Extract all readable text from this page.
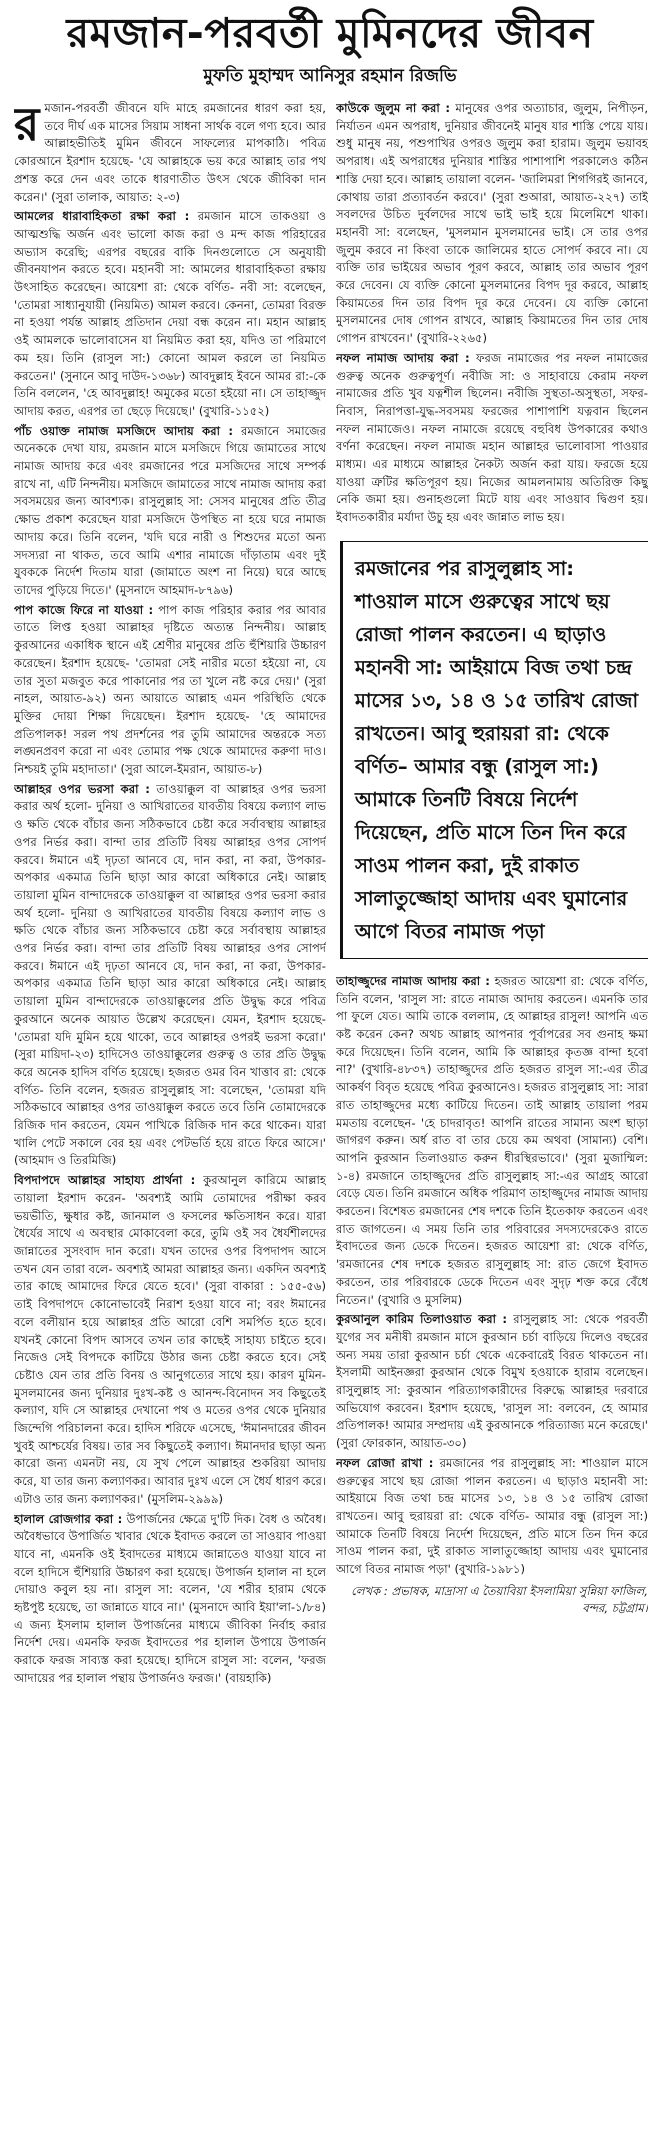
রমজান-পরবর্তী মুমিনদের জীবন
মুফতি মুহাম্মদ আনিসুর রহমান রিজভি

রমজান-পরবর্তী জীবনে যদি মাহে রমজানের ধারণ করা হয়, তবে দীর্ঘ এক মাসের সিয়াম সাধনা সার্থক বলে গণ্য হবে। আর আল্লাহভীতিই মুমিন জীবনে সাফল্যের মাপকাঠি। পবিত্র কোরআনে ইরশাদ হয়েছে- 'যে আল্লাহকে ভয় করে আল্লাহ তার পথ প্রশস্ত করে দেন এবং তাকে ধারণাতীত উৎস থেকে জীবিকা দান করেন।' (সুরা তালাক, আয়াত: ২-৩)

আমলের ধারাবাহিকতা রক্ষা করা : রমজান মাসে তাকওয়া ও আত্মশুদ্ধি অর্জন এবং ভালো কাজ করা ও মন্দ কাজ পরিহারের অভ্যাস করেছি; এরপর বছরের বাকি দিনগুলোতে সে অনুযায়ী জীবনযাপন করতে হবে। মহানবী সা: আমলের ধারাবাহিকতা রক্ষায় উৎসাহিত করেছেন। আয়েশা রা: থেকে বর্ণিত- নবী সা: বলেছেন, 'তোমরা সাধ্যানুযায়ী (নিয়মিত) আমল করবে। কেননা, তোমরা বিরক্ত না হওয়া পর্যন্ত আল্লাহ প্রতিদান দেয়া বন্ধ করেন না। মহান আল্লাহ ওই আমলকে ভালোবাসেন যা নিয়মিত করা হয়, যদিও তা পরিমাণে কম হয়। তিনি (রাসুল সা:) কোনো আমল করলে তা নিয়মিত করতেন।' (সুনানে আবু দাউদ-১৩৬৮) আবদুল্লাহ ইবনে আমর রা:-কে তিনি বললেন, 'হে আবদুল্লাহ! অমুকের মতো হইয়ো না। সে তাহাজ্জুদ আদায় করত, এরপর তা ছেড়ে দিয়েছে।' (বুখারি-১১৫২)

পাঁচ ওয়াক্ত নামাজ মসজিদে আদায় করা : রমজানে সমাজের অনেককে দেখা যায়, রমজান মাসে মসজিদে গিয়ে জামাতের সাথে নামাজ আদায় করে এবং রমজানের পরে মসজিদের সাথে সম্পর্ক রাখে না, এটি নিন্দনীয়। মসজিদে জামাতের সাথে নামাজ আদায় করা সবসময়ের জন্য আবশ্যক। রাসুলুল্লাহ সা: সেসব মানুষের প্রতি তীব্র ক্ষোভ প্রকাশ করেছেন যারা মসজিদে উপস্থিত না হয়ে ঘরে নামাজ আদায় করে। তিনি বলেন, 'যদি ঘরে নারী ও শিশুদের মতো অন্য সদস্যরা না থাকত, তবে আমি এশার নামাজে দাঁড়াতাম এবং দুই যুবককে নির্দেশ দিতাম যারা (জামাতে অংশ না নিয়ে) ঘরে আছে তাদের পুড়িয়ে দিতে।' (মুসনাদে আহমাদ-৮৭৯৬)

পাপ কাজে ফিরে না যাওয়া : পাপ কাজ পরিহার করার পর আবার তাতে লিপ্ত হওয়া আল্লাহর দৃষ্টিতে অত্যন্ত নিন্দনীয়। আল্লাহ কুরআনের একাধিক স্থানে এই শ্রেণীর মানুষের প্রতি হুঁশিয়ারি উচ্চারণ করেছেন। ইরশাদ হয়েছে- 'তোমরা সেই নারীর মতো হইয়ো না, যে তার সুতা মজবুত করে পাকানোর পর তা খুলে নষ্ট করে দেয়।' (সুরা নাহল, আয়াত-৯২) অন্য আয়াতে আল্লাহ এমন পরিস্থিতি থেকে মুক্তির দোয়া শিক্ষা দিয়েছেন। ইরশাদ হয়েছে- 'হে আমাদের প্রতিপালক! সরল পথ প্রদর্শনের পর তুমি আমাদের অন্তরকে সত্য লঙ্ঘনপ্রবণ করো না এবং তোমার পক্ষ থেকে আমাদের করুণা দাও। নিশ্চয়ই তুমি মহাদাতা।' (সুরা আলে-ইমরান, আয়াত-৮)

আল্লাহর ওপর ভরসা করা : তাওয়াক্কুল বা আল্লাহর ওপর ভরসা করার অর্থ হলো- দুনিয়া ও আখিরাতের যাবতীয় বিষয়ে কল্যাণ লাভ ও ক্ষতি থেকে বাঁচার জন্য সঠিকভাবে চেষ্টা করে সর্বাবস্থায় আল্লাহর ওপর নির্ভর করা। বান্দা তার প্রতিটি বিষয় আল্লাহর ওপর সোপর্দ করবে। ঈমানে এই দৃঢ়তা আনবে যে, দান করা, না করা, উপকার-অপকার একমাত্র তিনি ছাড়া আর কারো অধিকারে নেই। আল্লাহ তায়ালা মুমিন বান্দাদেরকে তাওয়াক্কুল বা আল্লাহর ওপর ভরসা করার অর্থ হলো- দুনিয়া ও আখিরাতের যাবতীয় বিষয়ে কল্যাণ লাভ ও ক্ষতি থেকে বাঁচার জন্য সঠিকভাবে চেষ্টা করে সর্বাবস্থায় আল্লাহর ওপর নির্ভর করা। বান্দা তার প্রতিটি বিষয় আল্লাহর ওপর সোপর্দ করবে। ঈমানে এই দৃঢ়তা আনবে যে, দান করা, না করা, উপকার-অপকার একমাত্র তিনি ছাড়া আর কারো অধিকারে নেই। আল্লাহ তায়ালা মুমিন বান্দাদেরকে তাওয়াক্কুলের প্রতি উদ্বুদ্ধ করে পবিত্র কুরআনে অনেক আয়াত উল্লেখ করেছেন। যেমন, ইরশাদ হয়েছে- 'তোমরা যদি মুমিন হয়ে থাকো, তবে আল্লাহর ওপরই ভরসা করো।' (সুরা মায়িদা-২৩) হাদিসেও তাওয়াক্কুলের গুরুত্ব ও তার প্রতি উদ্বুদ্ধ করে অনেক হাদিস বর্ণিত হয়েছে। হজরত ওমর বিন খাত্তাব রা: থেকে বর্ণিত- তিনি বলেন, হজরত রাসুলুল্লাহ সা: বলেছেন, 'তোমরা যদি সঠিকভাবে আল্লাহর ওপর তাওয়াক্কুল করতে তবে তিনি তোমাদেরকে রিজিক দান করতেন, যেমন পাখিকে রিজিক দান করে থাকেন। যারা খালি পেটে সকালে বের হয় এবং পেটভর্তি হয়ে রাতে ফিরে আসে।' (আহমাদ ও তিরমিজি)

বিপদাপদে আল্লাহর সাহায্য প্রার্থনা : কুরআনুল কারিমে আল্লাহ তায়ালা ইরশাদ করেন- 'অবশ্যই আমি তোমাদের পরীক্ষা করব ভয়ভীতি, ক্ষুধার কষ্ট, জানমাল ও ফসলের ক্ষতিসাধন করে। যারা ধৈর্যের সাথে এ অবস্থার মোকাবেলা করে, তুমি ওই সব ধৈর্যশীলদের জান্নাতের সুসংবাদ দান করো। যখন তাদের ওপর বিপদাপদ আসে তখন যেন তারা বলে- অবশ্যই আমরা আল্লাহর জন্য। একদিন অবশ্যই তার কাছে আমাদের ফিরে যেতে হবে।' (সুরা বাকারা : ১৫৫-৫৬) তাই বিপদাপদে কোনোভাবেই নিরাশ হওয়া যাবে না; বরং ঈমানের বলে বলীয়ান হয়ে আল্লাহর প্রতি আরো বেশি সমর্পিত হতে হবে। যখনই কোনো বিপদ আসবে তখন তার কাছেই সাহায্য চাইতে হবে। নিজেও সেই বিপদকে কাটিয়ে উঠার জন্য চেষ্টা করতে হবে। সেই চেষ্টাও যেন তার প্রতি বিনয় ও আনুগত্যের সাথে হয়। কারণ মুমিন-মুসলমানের জন্য দুনিয়ার দুঃখ-কষ্ট ও আনন্দ-বিনোদন সব কিছুতেই কল্যাণ, যদি সে আল্লাহর দেখানো পথ ও মতের ওপর থেকে দুনিয়ার জিন্দেগি পরিচালনা করে। হাদিস শরিফে এসেছে, 'ঈমানদারের জীবন খুবই আশ্চর্যের বিষয়। তার সব কিছুতেই কল্যাণ। ঈমানদার ছাড়া অন্য কারো জন্য এমনটা নয়, যে সুখ পেলে আল্লাহর শুকরিয়া আদায় করে, যা তার জন্য কল্যাণকর। আবার দুঃখ এলে সে ধৈর্য ধারণ করে। এটাও তার জন্য কল্যাণকর।' (মুসলিম-২৯৯৯)

হালাল রোজগার করা : উপার্জনের ক্ষেত্রে দু'টি দিক। বৈধ ও অবৈধ। অবৈধভাবে উপার্জিত খাবার থেকে ইবাদত করলে তা সাওয়াব পাওয়া যাবে না, এমনকি ওই ইবাদতের মাধ্যমে জান্নাতেও যাওয়া যাবে না বলে হাদিসে হুঁশিয়ারি উচ্চারণ করা হয়েছে। উপার্জন হালাল না হলে দোয়াও কবুল হয় না। রাসুল সা: বলেন, 'যে শরীর হারাম থেকে হৃষ্টপুষ্ট হয়েছে, তা জান্নাতে যাবে না।' (মুসনাদে আবি ইয়া'লা-১/৮৪) এ জন্য ইসলাম হালাল উপার্জনের মাধ্যমে জীবিকা নির্বাহ করার নির্দেশ দেয়। এমনকি ফরজ ইবাদতের পর হালাল উপায়ে উপার্জন করাকে ফরজ সাব্যস্ত করা হয়েছে। হাদিসে রাসুল সা: বলেন, 'ফরজ আদায়ের পর হালাল পন্থায় উপার্জনও ফরজ।' (বায়হাকি)

কাউকে জুলুম না করা : মানুষের ওপর অত্যাচার, জুলুম, নিপীড়ন, নির্যাতন এমন অপরাধ, দুনিয়ার জীবনেই মানুষ যার শাস্তি পেয়ে যায়। শুধু মানুষ নয়, পশুপাখির ওপরও জুলুম করা হারাম। জুলুম ভয়াবহ অপরাধ। এই অপরাধের দুনিয়ার শাস্তির পাশাপাশি পরকালেও কঠিন শাস্তি দেয়া হবে। আল্লাহ তায়ালা বলেন- 'জালিমরা শিগগিরই জানবে, কোথায় তারা প্রত্যাবর্তন করবে।' (সুরা শুআরা, আয়াত-২২৭) তাই সবলদের উচিত দুর্বলদের সাথে ভাই ভাই হয়ে মিলেমিশে থাকা। মহানবী সা: বলেছেন, 'মুসলমান মুসলমানের ভাই। সে তার ওপর জুলুম করবে না কিংবা তাকে জালিমের হাতে সোপর্দ করবে না। যে ব্যক্তি তার ভাইয়ের অভাব পূরণ করবে, আল্লাহ তার অভাব পূরণ করে দেবেন। যে ব্যক্তি কোনো মুসলমানের বিপদ দূর করবে, আল্লাহ কিয়ামতের দিন তার বিপদ দূর করে দেবেন। যে ব্যক্তি কোনো মুসলমানের দোষ গোপন রাখবে, আল্লাহ কিয়ামতের দিন তার দোষ গোপন রাখবেন।' (বুখারি-২২৬৫)

নফল নামাজ আদায় করা : ফরজ নামাজের পর নফল নামাজের গুরুত্ব অনেক গুরুত্বপূর্ণ। নবীজি সা: ও সাহাবায়ে কেরাম নফল নামাজের প্রতি খুব যত্নশীল ছিলেন। নবীজি সুস্থতা-অসুস্থতা, সফর-নিবাস, নিরাপত্তা-যুদ্ধ-সবসময় ফরজের পাশাপাশি যত্নবান ছিলেন নফল নামাজেও। নফল নামাজে রয়েছে বহুবিধ উপকারের কথাও বর্ণনা করেছেন। নফল নামাজ মহান আল্লাহর ভালোবাসা পাওয়ার মাধ্যম। এর মাধ্যমে আল্লাহর নৈকট্য অর্জন করা যায়। ফরজে হয়ে যাওয়া ত্রুটির ক্ষতিপূরণ হয়। নিজের আমলনামায় অতিরিক্ত কিছু নেকি জমা হয়। গুনাহগুলো মিটে যায় এবং সাওয়াব দ্বিগুণ হয়। ইবাদতকারীর মর্যাদা উচু হয় এবং জান্নাত লাভ হয়।

রমজানের পর রাসুলুল্লাহ সা: শাওয়াল মাসে গুরুত্বের সাথে ছয় রোজা পালন করতেন। এ ছাড়াও মহানবী সা: আইয়ামে বিজ তথা চন্দ্র মাসের ১৩, ১৪ ও ১৫ তারিখ রোজা রাখতেন। আবু হুরায়রা রা: থেকে বর্ণিত– আমার বন্ধু (রাসুল সা:) আমাকে তিনটি বিষয়ে নির্দেশ দিয়েছেন, প্রতি মাসে তিন দিন করে সাওম পালন করা, দুই রাকাত সালাতুজ্জোহা আদায় এবং ঘুমানোর আগে বিতর নামাজ পড়া

তাহাজ্জুদের নামাজ আদায় করা : হজরত আয়েশা রা: থেকে বর্ণিত, তিনি বলেন, 'রাসুল সা: রাতে নামাজ আদায় করতেন। এমনকি তার পা ফুলে যেত। আমি তাকে বললাম, হে আল্লাহর রাসুল! আপনি এত কষ্ট করেন কেন? অথচ আল্লাহ আপনার পূর্বাপরের সব গুনাহ ক্ষমা করে দিয়েছেন। তিনি বলেন, আমি কি আল্লাহর কৃতজ্ঞ বান্দা হবো না?' (বুখারি-৪৮৩৭) তাহাজ্জুদের প্রতি হজরত রাসুল সা:-এর তীব্র আকর্ষণ বিবৃত হয়েছে পবিত্র কুরআনেও। হজরত রাসুলুল্লাহ সা: সারা রাত তাহাজ্জুদের মধ্যে কাটিয়ে দিতেন। তাই আল্লাহ তায়ালা পরম মমতায় বলেছেন- 'হে চাদরাবৃত! আপনি রাতের সামান্য অংশ ছাড়া জাগরণ করুন। অর্ধ রাত বা তার চেয়ে কম অথবা (সামান্য) বেশি। আপনি কুরআন তিলাওয়াত করুন ধীরস্থিরভাবে।' (সুরা মুজাম্মিল: ১-৪) রমজানে তাহাজ্জুদের প্রতি রাসুলুল্লাহ সা:-এর আগ্রহ আরো বেড়ে যেত। তিনি রমজানে অধিক পরিমাণ তাহাজ্জুদের নামাজ আদায় করতেন। বিশেষত রমজানের শেষ দশকে তিনি ইতেকাফ করতেন এবং রাত জাগতেন। এ সময় তিনি তার পরিবারের সদস্যদেরকেও রাতে ইবাদতের জন্য ডেকে দিতেন। হজরত আয়েশা রা: থেকে বর্ণিত, 'রমজানের শেষ দশকে হজরত রাসুলুল্লাহ সা: রাত জেগে ইবাদত করতেন, তার পরিবারকে ডেকে দিতেন এবং সুদৃঢ় শক্ত করে বেঁধে নিতেন।' (বুখারি ও মুসলিম)

কুরআনুল কারিম তিলাওয়াত করা : রাসুলুল্লাহ সা: থেকে পরবর্তী যুগের সব মনীষী রমজান মাসে কুরআন চর্চা বাড়িয়ে দিলেও বছরের অন্য সময় তারা কুরআন চর্চা থেকে একেবারেই বিরত থাকতেন না। ইসলামী আইনজ্ঞরা কুরআন থেকে বিমুখ হওয়াকে হারাম বলেছেন। রাসুলুল্লাহ সা: কুরআন পরিত্যাগকারীদের বিরুদ্ধে আল্লাহর দরবারে অভিযোগ করবেন। ইরশাদ হয়েছে, 'রাসুল সা: বলবেন, হে আমার প্রতিপালক! আমার সম্প্রদায় এই কুরআনকে পরিত্যাজ্য মনে করেছে।' (সুরা ফোরকান, আয়াত-৩০)

নফল রোজা রাখা : রমজানের পর রাসুলুল্লাহ সা: শাওয়াল মাসে গুরুত্বের সাথে ছয় রোজা পালন করতেন। এ ছাড়াও মহানবী সা: আইয়ামে বিজ তথা চন্দ্র মাসের ১৩, ১৪ ও ১৫ তারিখ রোজা রাখতেন। আবু হুরায়রা রা: থেকে বর্ণিত- আমার বন্ধু (রাসুল সা:) আমাকে তিনটি বিষয়ে নির্দেশ দিয়েছেন, প্রতি মাসে তিন দিন করে সাওম পালন করা, দুই রাকাত সালাতুজ্জোহা আদায় এবং ঘুমানোর আগে বিতর নামাজ পড়া' (বুখারি-১৯৮১)

লেখক : প্রভাষক, মাদ্রাসা এ তৈয়াবিয়া ইসলামিয়া সুন্নিয়া ফাজিল, বন্দর, চট্টগ্রাম।
